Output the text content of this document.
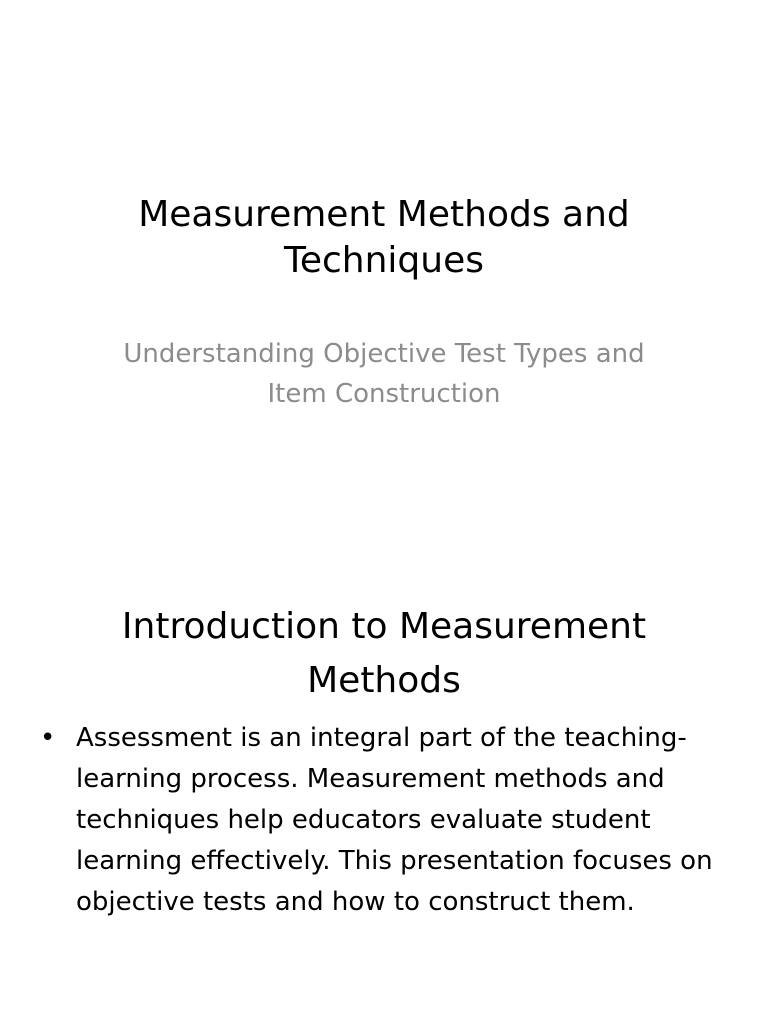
Measurement Methods and Techniques

Understanding Objective Test Types and Item Construction

Introduction to Measurement Methods
• Assessment is an integral part of the teaching-learning process. Measurement methods and techniques help educators evaluate student learning effectively. This presentation focuses on objective tests and how to construct them.
